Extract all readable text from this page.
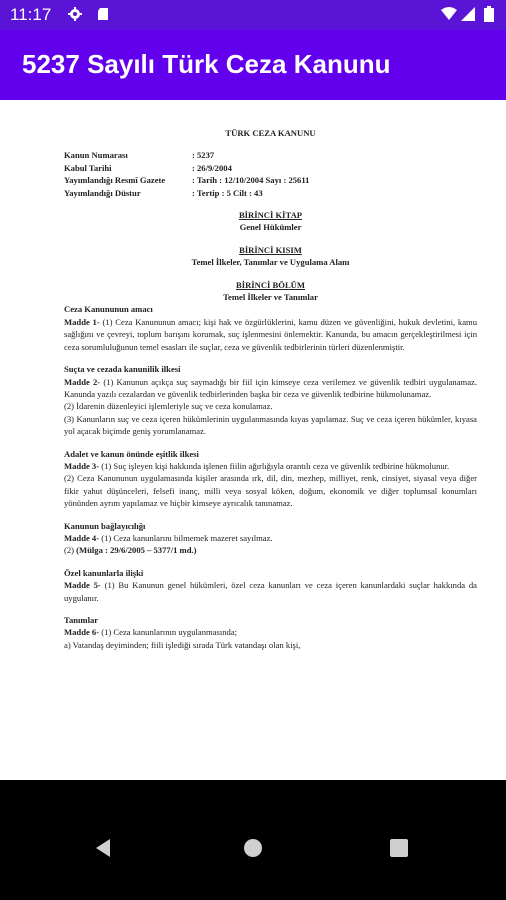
11:17
5237 Sayılı Türk Ceza Kanunu
TÜRK CEZA KANUNU
Kanun Numarası	: 5237
Kabul Tarihi	: 26/9/2004
Yayımlandığı Resmî Gazete	: Tarih : 12/10/2004 Sayı : 25611
Yayımlandığı Düstur	: Tertip : 5 Cilt : 43
BİRİNCİ KİTAP
Genel Hükümler
BİRİNCİ KISIM
Temel İlkeler, Tanımlar ve Uygulama Alanı
BİRİNCİ BÖLÜM
Temel İlkeler ve Tanımlar
Ceza Kanununun amacı

Madde 1- (1) Ceza Kanununun amacı; kişi hak ve özgürlüklerini, kamu düzen ve güvenliğini, hukuk devletini, kamu sağlığını ve çevreyi, toplum barışını korumak, suç işlenmesini önlemektir. Kanunda, bu amacın gerçekleştirilmesi için ceza sorumluluğunun temel esasları ile suçlar, ceza ve güvenlik tedbirlerinin türleri düzenlenmiştir.

Suçta ve cezada kanunilik ilkesi

Madde 2- (1) Kanunun açıkça suç saymadığı bir fiil için kimseye ceza verilemez ve güvenlik tedbiri uygulanamaz. Kanunda yazılı cezalardan ve güvenlik tedbirlerinden başka bir ceza ve güvenlik tedbirine hükmolunamaz.

(2) İdarenin düzenleyici işlemleriyle suç ve ceza konulamaz.

(3) Kanunların suç ve ceza içeren hükümlerinin uygulanmasında kıyas yapılamaz. Suç ve ceza içeren hükümler, kıyasa yol açacak biçimde geniş yorumlanamaz.

Adalet ve kanun önünde eşitlik ilkesi

Madde 3- (1) Suç işleyen kişi hakkında işlenen fiilin ağırlığıyla orantılı ceza ve güvenlik tedbirine hükmolunur.

(2) Ceza Kanununun uygulamasında kişiler arasında ırk, dil, din, mezhep, milliyet, renk, cinsiyet, siyasal veya diğer fikir yahut düşünceleri, felsefi inanç, milli veya sosyal köken, doğum, ekonomik ve diğer toplumsal konumları yönünden ayrım yapılamaz ve hiçbir kimseye ayrıcalık tanınamaz.

Kanunun bağlayıcılığı

Madde 4- (1) Ceza kanunlarını bilmemek mazeret sayılmaz.

(2) (Mülga : 29/6/2005 – 5377/1 md.)

Özel kanunlarla ilişki

Madde 5- (1) Bu Kanunun genel hükümleri, özel ceza kanunları ve ceza içeren kanunlardaki suçlar hakkında da uygulanır.

Tanımlar

Madde 6- (1) Ceza kanunlarının uygulanmasında;

a) Vatandaş deyiminden; fiili işlediği sırada Türk vatandaşı olan kişi,
